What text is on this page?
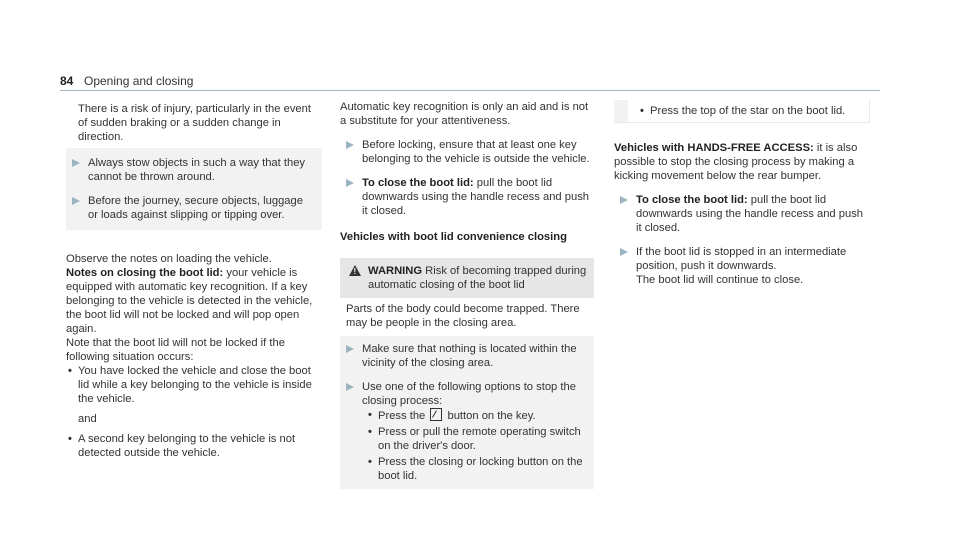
84 Opening and closing

There is a risk of injury, particularly in the event of sudden braking or a sudden change in direction.

Always stow objects in such a way that they cannot be thrown around.

Before the journey, secure objects, luggage or loads against slipping or tipping over.

Observe the notes on loading the vehicle.

Notes on closing the boot lid: your vehicle is equipped with automatic key recognition. If a key belonging to the vehicle is detected in the vehicle, the boot lid will not be locked and will pop open again.

Note that the boot lid will not be locked if the following situation occurs:

• You have locked the vehicle and close the boot lid while a key belonging to the vehicle is inside the vehicle.

and

• A second key belonging to the vehicle is not detected outside the vehicle.

Automatic key recognition is only an aid and is not a substitute for your attentiveness.

Before locking, ensure that at least one key belonging to the vehicle is outside the vehicle.

To close the boot lid: pull the boot lid downwards using the handle recess and push it closed.

Vehicles with boot lid convenience closing
! WARNING Risk of becoming trapped during automatic closing of the boot lid

Parts of the body could become trapped. There may be people in the closing area.

Make sure that nothing is located within the vicinity of the closing area.

Use one of the following options to stop the closing process:

• Press the button on the key.

• Press or pull the remote operating switch on the driver's door.

• Press the closing or locking button on the boot lid.

• Press the top of the star on the boot lid.

Vehicles with HANDS-FREE ACCESS: it is also possible to stop the closing process by making a kicking movement below the rear bumper.

To close the boot lid: pull the boot lid downwards using the handle recess and push it closed.

If the boot lid is stopped in an intermediate position, push it downwards.

The boot lid will continue to close.
